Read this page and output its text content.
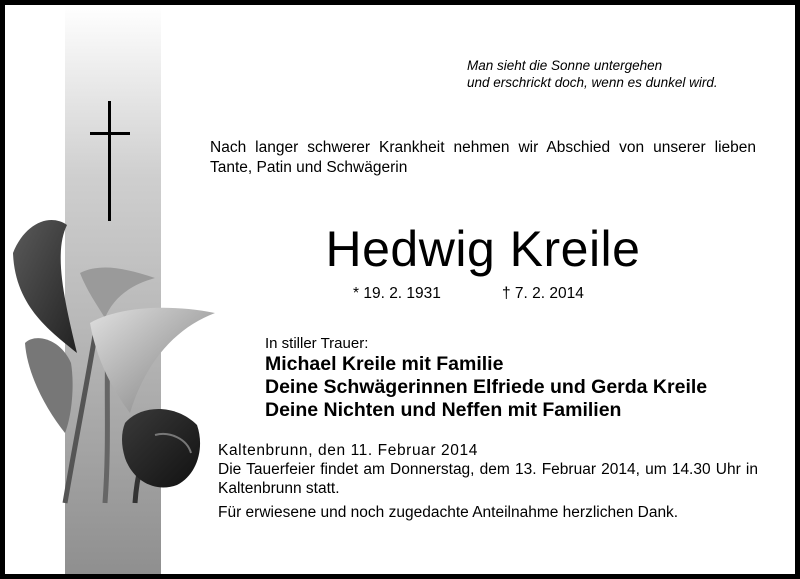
Man sieht die Sonne untergehen
und erschrickt doch, wenn es dunkel wird.
Nach langer schwerer Krankheit nehmen wir Abschied von unserer lieben Tante, Patin und Schwägerin
Hedwig Kreile
* 19. 2. 1931	† 7. 2. 2014
In stiller Trauer:
Michael Kreile mit Familie
Deine Schwägerinnen Elfriede und Gerda Kreile
Deine Nichten und Neffen mit Familien
Kaltenbrunn, den 11. Februar 2014
Die Tauerfeier findet am Donnerstag, dem 13. Februar 2014, um 14.30 Uhr in Kaltenbrunn statt.
Für erwiesene und noch zugedachte Anteilnahme herzlichen Dank.
